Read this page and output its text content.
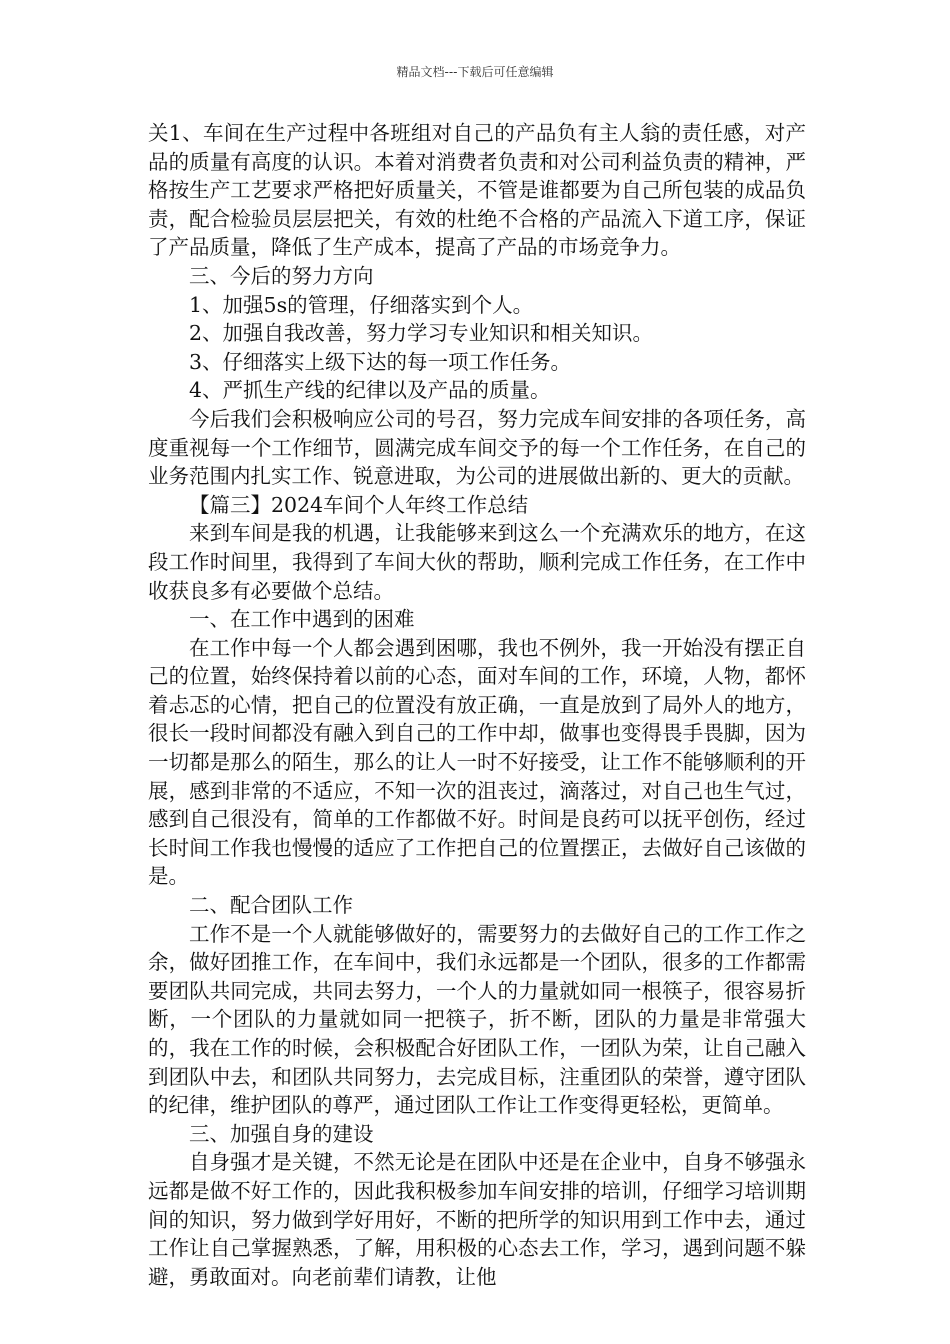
精品文档---下载后可任意编辑

关1、车间在生产过程中各班组对自己的产品负有主人翁的责任感，对产品的质量有高度的认识。本着对消费者负责和对公司利益负责的精神，严格按生产工艺要求严格把好质量关，不管是谁都要为自己所包装的成品负责，配合检验员层层把关，有效的杜绝不合格的产品流入下道工序，保证了产品质量，降低了生产成本，提高了产品的市场竞争力。

三、今后的努力方向

1、加强5s的管理，仔细落实到个人。

2、加强自我改善，努力学习专业知识和相关知识。

3、仔细落实上级下达的每一项工作任务。

4、严抓生产线的纪律以及产品的质量。

今后我们会积极响应公司的号召，努力完成车间安排的各项任务，高度重视每一个工作细节，圆满完成车间交予的每一个工作任务，在自己的业务范围内扎实工作、锐意进取，为公司的进展做出新的、更大的贡献。

【篇三】2024车间个人年终工作总结

来到车间是我的机遇，让我能够来到这么一个充满欢乐的地方，在这段工作时间里，我得到了车间大伙的帮助，顺利完成工作任务，在工作中收获良多有必要做个总结。

一、在工作中遇到的困难

在工作中每一个人都会遇到困哪，我也不例外，我一开始没有摆正自己的位置，始终保持着以前的心态，面对车间的工作，环境，人物，都怀着忐忑的心情，把自己的位置没有放正确，一直是放到了局外人的地方，很长一段时间都没有融入到自己的工作中却，做事也变得畏手畏脚，因为一切都是那么的陌生，那么的让人一时不好接受，让工作不能够顺利的开展，感到非常的不适应，不知一次的沮丧过，滴落过，对自己也生气过，感到自己很没有，简单的工作都做不好。时间是良药可以抚平创伤，经过长时间工作我也慢慢的适应了工作把自己的位置摆正，去做好自己该做的是。

二、配合团队工作

工作不是一个人就能够做好的，需要努力的去做好自己的工作工作之余，做好团推工作，在车间中，我们永远都是一个团队，很多的工作都需要团队共同完成，共同去努力，一个人的力量就如同一根筷子，很容易折断，一个团队的力量就如同一把筷子，折不断，团队的力量是非常强大的，我在工作的时候，会积极配合好团队工作，一团队为荣，让自己融入到团队中去，和团队共同努力，去完成目标，注重团队的荣誉，遵守团队的纪律，维护团队的尊严，通过团队工作让工作变得更轻松，更简单。

三、加强自身的建设

自身强才是关键，不然无论是在团队中还是在企业中，自身不够强永远都是做不好工作的，因此我积极参加车间安排的培训，仔细学习培训期间的知识，努力做到学好用好，不断的把所学的知识用到工作中去，通过工作让自己掌握熟悉，了解，用积极的心态去工作，学习，遇到问题不躲避，勇敢面对。向老前辈们请教，让他
